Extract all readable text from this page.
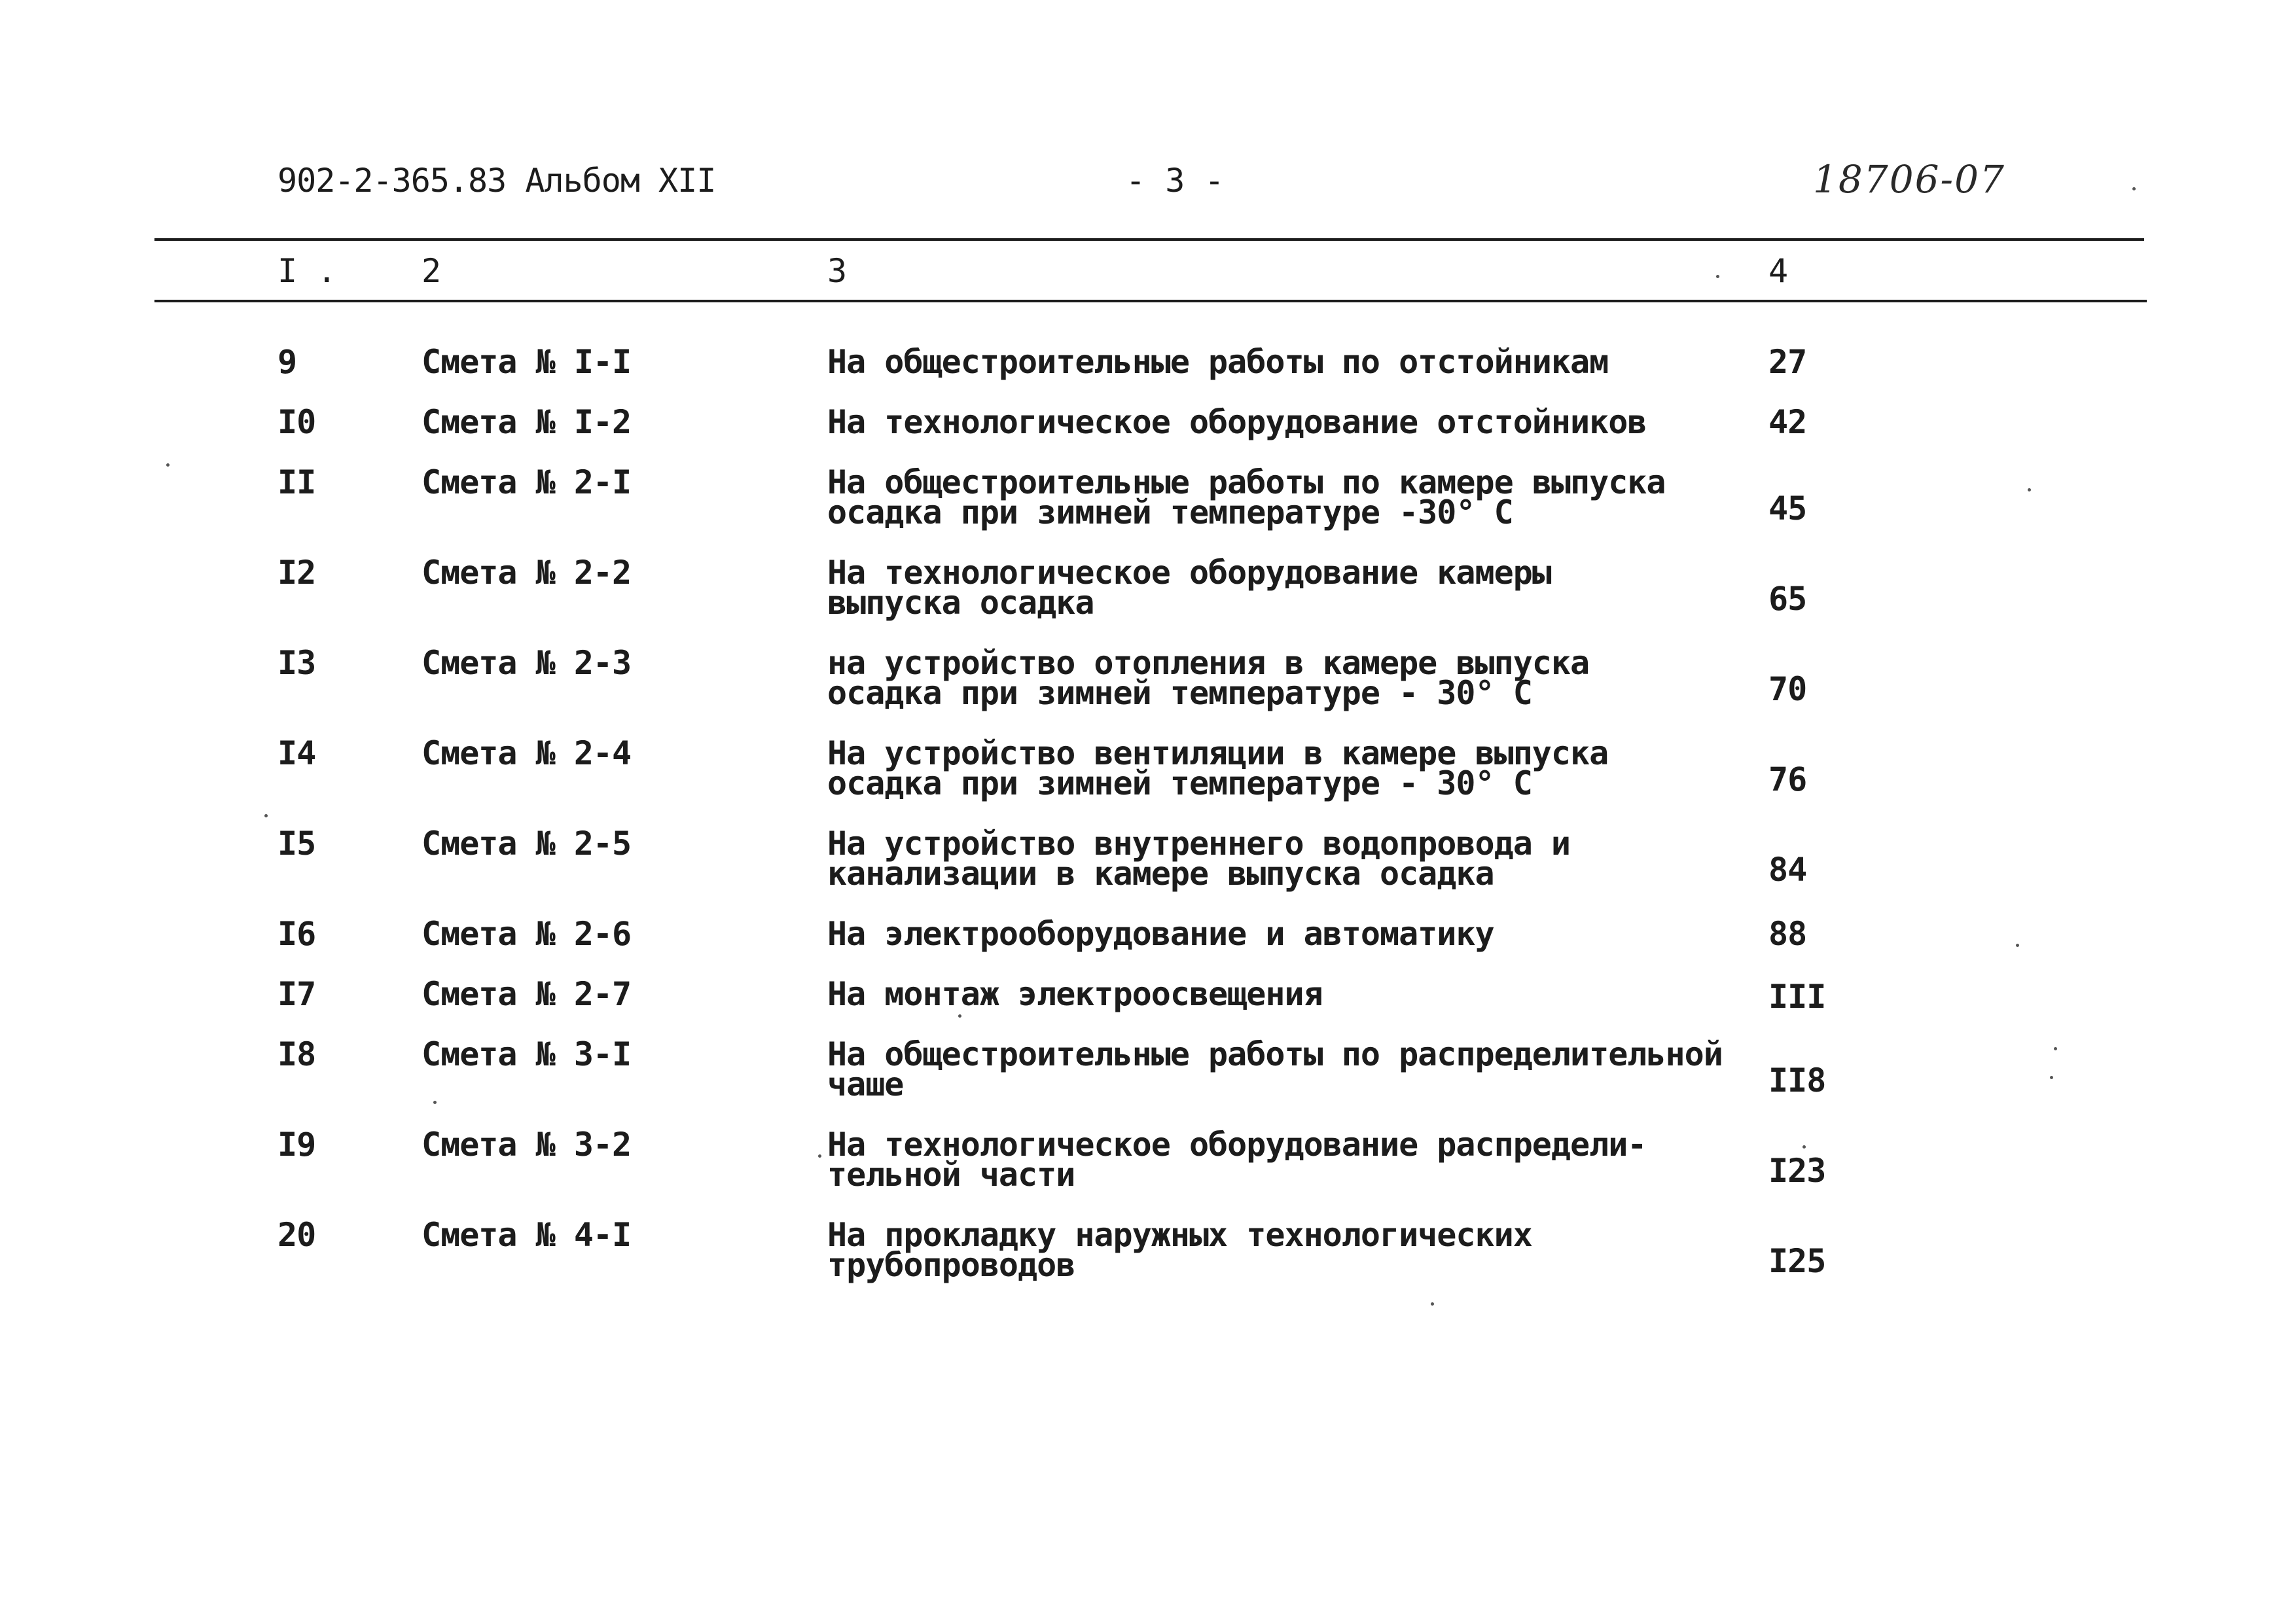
902-2-365.83 Альбом XII	- 3 -	18706-07
I .	2	3	4
9	Смета № I-I	На общестроительные работы по отстойникам	27
I0	Смета № I-2	На технологическое оборудование отстойников	42
II	Смета № 2-I	На общестроительные работы по камере выпуска
осадка при зимней температуре -30° С	45
I2	Смета № 2-2	На технологическое оборудование камеры
выпуска осадка	65
I3	Смета № 2-3	на устройство отопления в камере выпуска
осадка при зимней температуре - 30° С	70
I4	Смета № 2-4	На устройство вентиляции в камере выпуска
осадка при зимней температуре - 30° С	76
I5	Смета № 2-5	На устройство внутреннего водопровода и
канализации в камере выпуска осадка	84
I6	Смета № 2-6	На электрооборудование и автоматику	88
I7	Смета № 2-7	На монтаж электроосвещения	III
I8	Смета № 3-I	На общестроительные работы по распределительной
чаше	II8
I9	Смета № 3-2	На технологическое оборудование распредели-
тельной части	I23
20	Смета № 4-I	На прокладку наружных технологических
трубопроводов	I25
